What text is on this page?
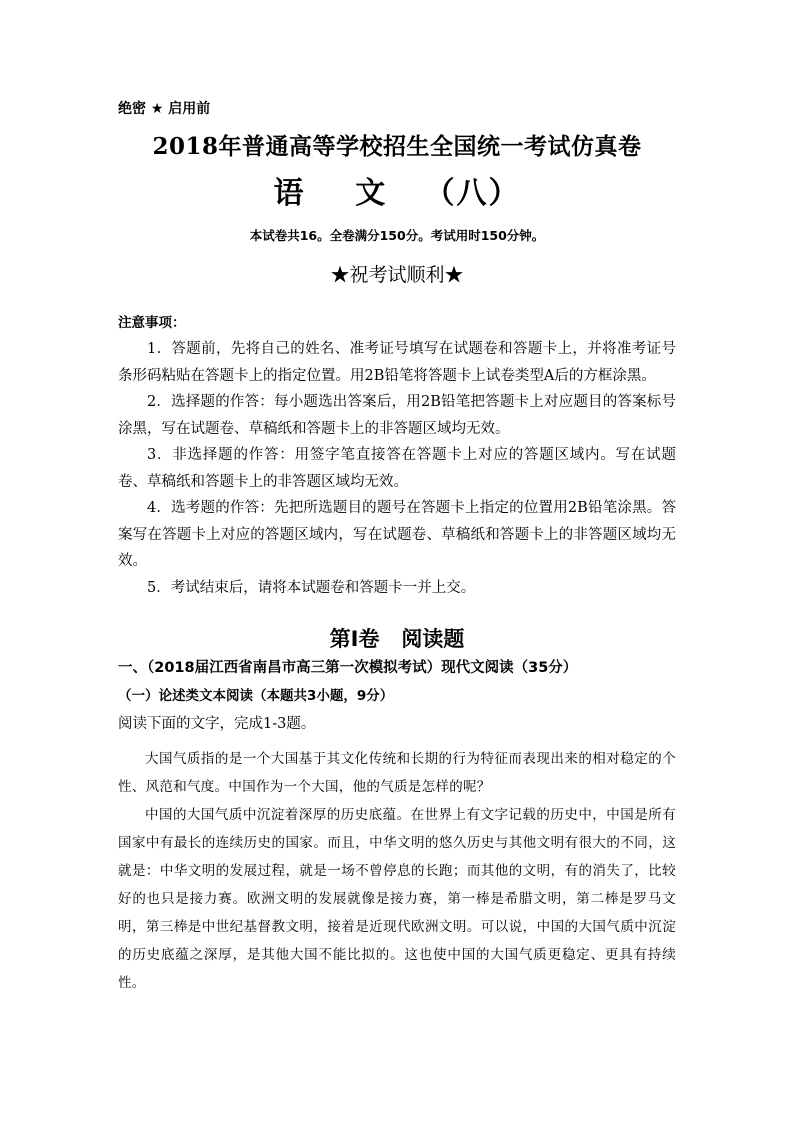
绝密 ★ 启用前

2018年普通高等学校招生全国统一考试仿真卷
语    文   （八）

本试卷共16。全卷满分150分。考试用时150分钟。

★祝考试顺利★

注意事项：

1．答题前，先将自己的姓名、准考证号填写在试题卷和答题卡上，并将准考证号条形码粘贴在答题卡上的指定位置。用2B铅笔将答题卡上试卷类型A后的方框涂黑。

2．选择题的作答：每小题选出答案后，用2B铅笔把答题卡上对应题目的答案标号涂黑，写在试题卷、草稿纸和答题卡上的非答题区域均无效。

3．非选择题的作答：用签字笔直接答在答题卡上对应的答题区域内。写在试题卷、草稿纸和答题卡上的非答题区域均无效。

4．选考题的作答：先把所选题目的题号在答题卡上指定的位置用2B铅笔涂黑。答案写在答题卡上对应的答题区域内，写在试题卷、草稿纸和答题卡上的非答题区域均无效。

5．考试结束后，请将本试题卷和答题卡一并上交。

第Ⅰ卷   阅读题

一、（2018届江西省南昌市高三第一次模拟考试）现代文阅读（35分）

（一）论述类文本阅读（本题共3小题，9分）

阅读下面的文字，完成1-3题。

大国气质指的是一个大国基于其文化传统和长期的行为特征而表现出来的相对稳定的个性、风范和气度。中国作为一个大国，他的气质是怎样的呢？

中国的大国气质中沉淀着深厚的历史底蕴。在世界上有文字记载的历史中，中国是所有国家中有最长的连续历史的国家。而且，中华文明的悠久历史与其他文明有很大的不同，这就是：中华文明的发展过程，就是一场不曾停息的长跑；而其他的文明，有的消失了，比较好的也只是接力赛。欧洲文明的发展就像是接力赛，第一棒是希腊文明，第二棒是罗马文明，第三棒是中世纪基督教文明，接着是近现代欧洲文明。可以说，中国的大国气质中沉淀的历史底蕴之深厚，是其他大国不能比拟的。这也使中国的大国气质更稳定、更具有持续性。
